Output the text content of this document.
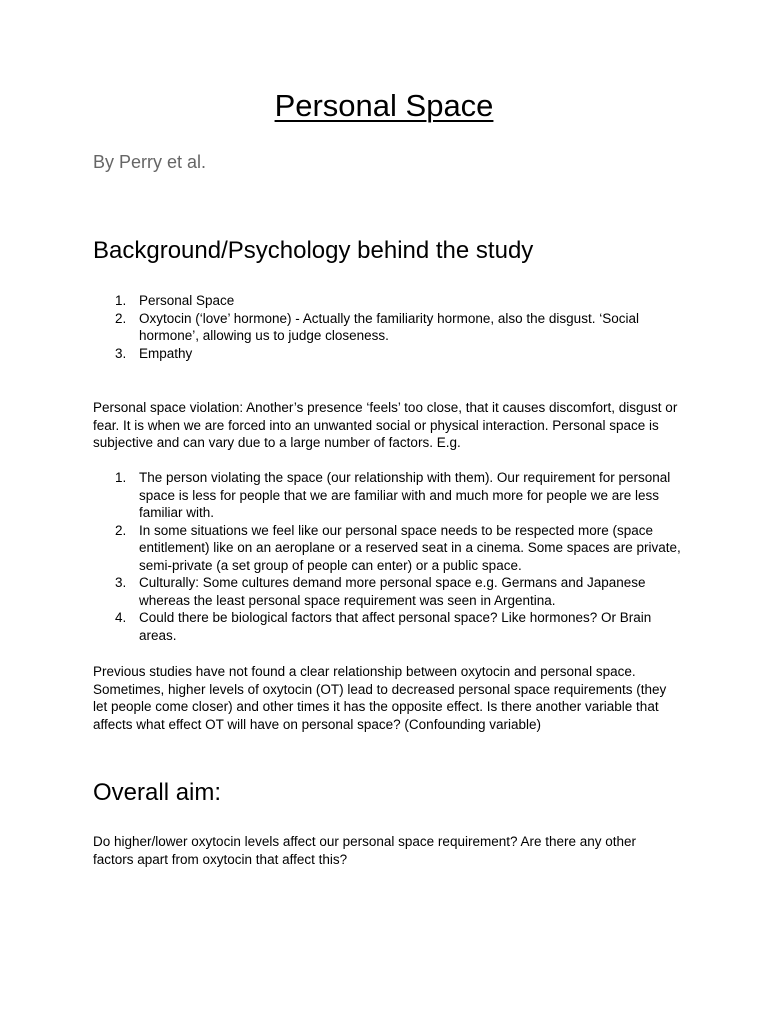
Personal Space

By Perry et al.

Background/Psychology behind the study
1. Personal Space
2. Oxytocin (‘love’ hormone) - Actually the familiarity hormone, also the disgust. ‘Social hormone’, allowing us to judge closeness.
3. Empathy

Personal space violation: Another’s presence ‘feels’ too close, that it causes discomfort, disgust or fear. It is when we are forced into an unwanted social or physical interaction. Personal space is subjective and can vary due to a large number of factors. E.g.

1. The person violating the space (our relationship with them). Our requirement for personal space is less for people that we are familiar with and much more for people we are less familiar with.
2. In some situations we feel like our personal space needs to be respected more (space entitlement) like on an aeroplane or a reserved seat in a cinema. Some spaces are private, semi-private (a set group of people can enter) or a public space.
3. Culturally: Some cultures demand more personal space e.g. Germans and Japanese whereas the least personal space requirement was seen in Argentina.
4. Could there be biological factors that affect personal space? Like hormones? Or Brain areas.

Previous studies have not found a clear relationship between oxytocin and personal space. Sometimes, higher levels of oxytocin (OT) lead to decreased personal space requirements (they let people come closer) and other times it has the opposite effect. Is there another variable that affects what effect OT will have on personal space? (Confounding variable)

Overall aim:

Do higher/lower oxytocin levels affect our personal space requirement? Are there any other factors apart from oxytocin that affect this?
